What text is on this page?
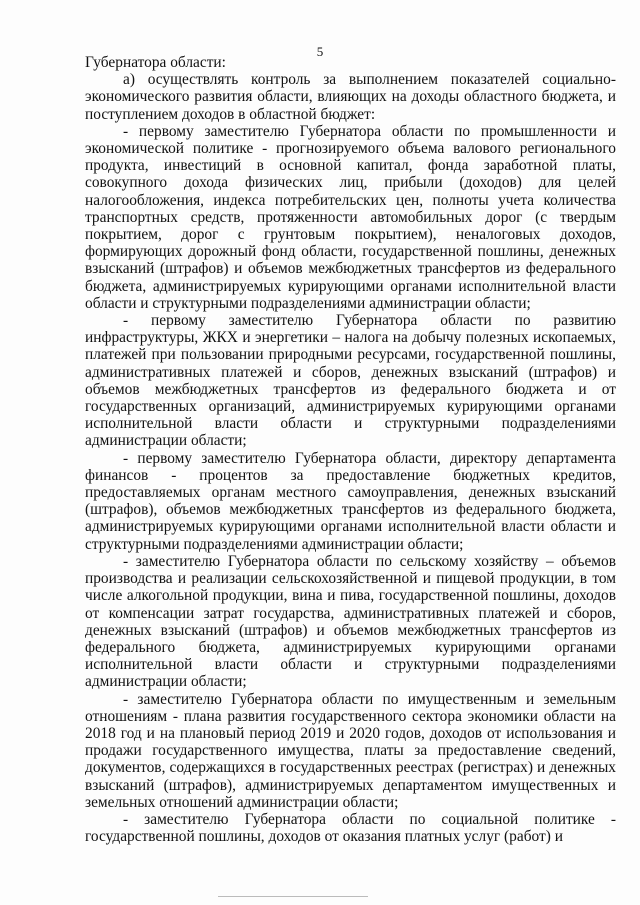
5

Губернатора области:

а) осуществлять контроль за выполнением показателей социально-экономического развития области, влияющих на доходы областного бюджета, и поступлением доходов в областной бюджет:

- первому заместителю Губернатора области по промышленности и экономической политике - прогнозируемого объема валового регионального продукта, инвестиций в основной капитал, фонда заработной платы, совокупного дохода физических лиц, прибыли (доходов) для целей налогообложения, индекса потребительских цен, полноты учета количества транспортных средств, протяженности автомобильных дорог (с твердым покрытием, дорог с грунтовым покрытием), неналоговых доходов, формирующих дорожный фонд области, государственной пошлины, денежных взысканий (штрафов) и объемов межбюджетных трансфертов из федерального бюджета, администрируемых курирующими органами исполнительной власти области и структурными подразделениями администрации области;

- первому заместителю Губернатора области по развитию инфраструктуры, ЖКХ и энергетики – налога на добычу полезных ископаемых, платежей при пользовании природными ресурсами, государственной пошлины, административных платежей и сборов, денежных взысканий (штрафов) и объемов межбюджетных трансфертов из федерального бюджета и от государственных организаций, администрируемых курирующими органами исполнительной власти области и структурными подразделениями администрации области;

- первому заместителю Губернатора области, директору департамента финансов - процентов за предоставление бюджетных кредитов, предоставляемых органам местного самоуправления, денежных взысканий (штрафов), объемов межбюджетных трансфертов из федерального бюджета, администрируемых курирующими органами исполнительной власти области и структурными подразделениями администрации области;

- заместителю Губернатора области по сельскому хозяйству – объемов производства и реализации сельскохозяйственной и пищевой продукции, в том числе алкогольной продукции, вина и пива, государственной пошлины, доходов от компенсации затрат государства, административных платежей и сборов, денежных взысканий (штрафов) и объемов межбюджетных трансфертов из федерального бюджета, администрируемых курирующими органами исполнительной власти области и структурными подразделениями администрации области;

- заместителю Губернатора области по имущественным и земельным отношениям - плана развития государственного сектора экономики области на 2018 год и на плановый период 2019 и 2020 годов, доходов от использования и продажи государственного имущества, платы за предоставление сведений, документов, содержащихся в государственных реестрах (регистрах) и денежных взысканий (штрафов), администрируемых департаментом имущественных и земельных отношений администрации области;

- заместителю Губернатора области по социальной политике - государственной пошлины, доходов от оказания платных услуг (работ) и
